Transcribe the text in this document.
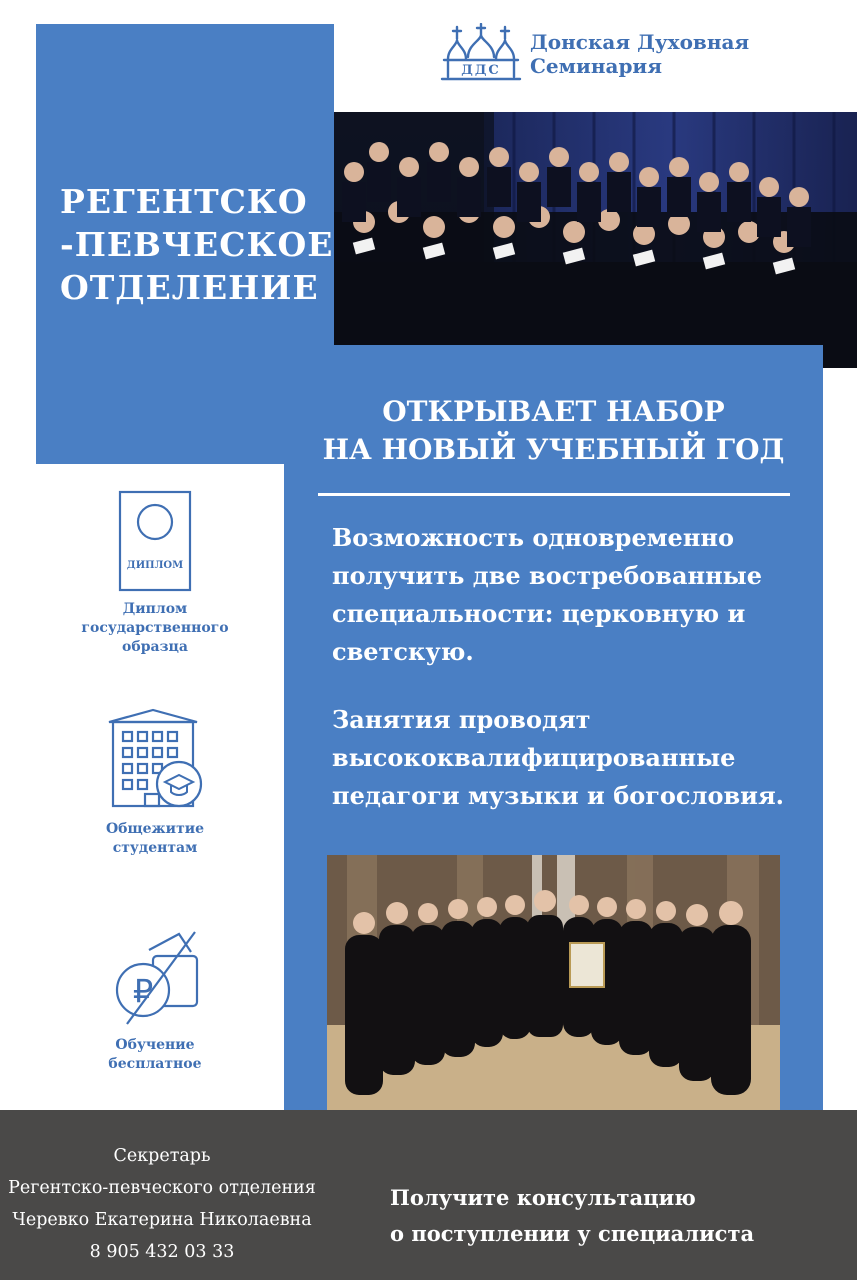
РЕГЕНТСКО
-ПЕВЧЕСКОЕ
ОТДЕЛЕНИЕ
ДДС
Донская Духовная
Семинария
ОТКРЫВАЕТ НАБОР
НА НОВЫЙ УЧЕБНЫЙ ГОД
Возможность одновременно
получить две востребованные
специальности: церковную и
светскую.
Занятия проводят
высококвалифицированные
педагоги музыки и богословия.
ДИПЛОМ
Диплом
государственного
образца
Общежитие
студентам
₽
Обучение
бесплатное
Секретарь
Регентско-певческого отделения
Черевко Екатерина Николаевна
8 905 432 03 33
Получите консультацию
о поступлении у специалиста
